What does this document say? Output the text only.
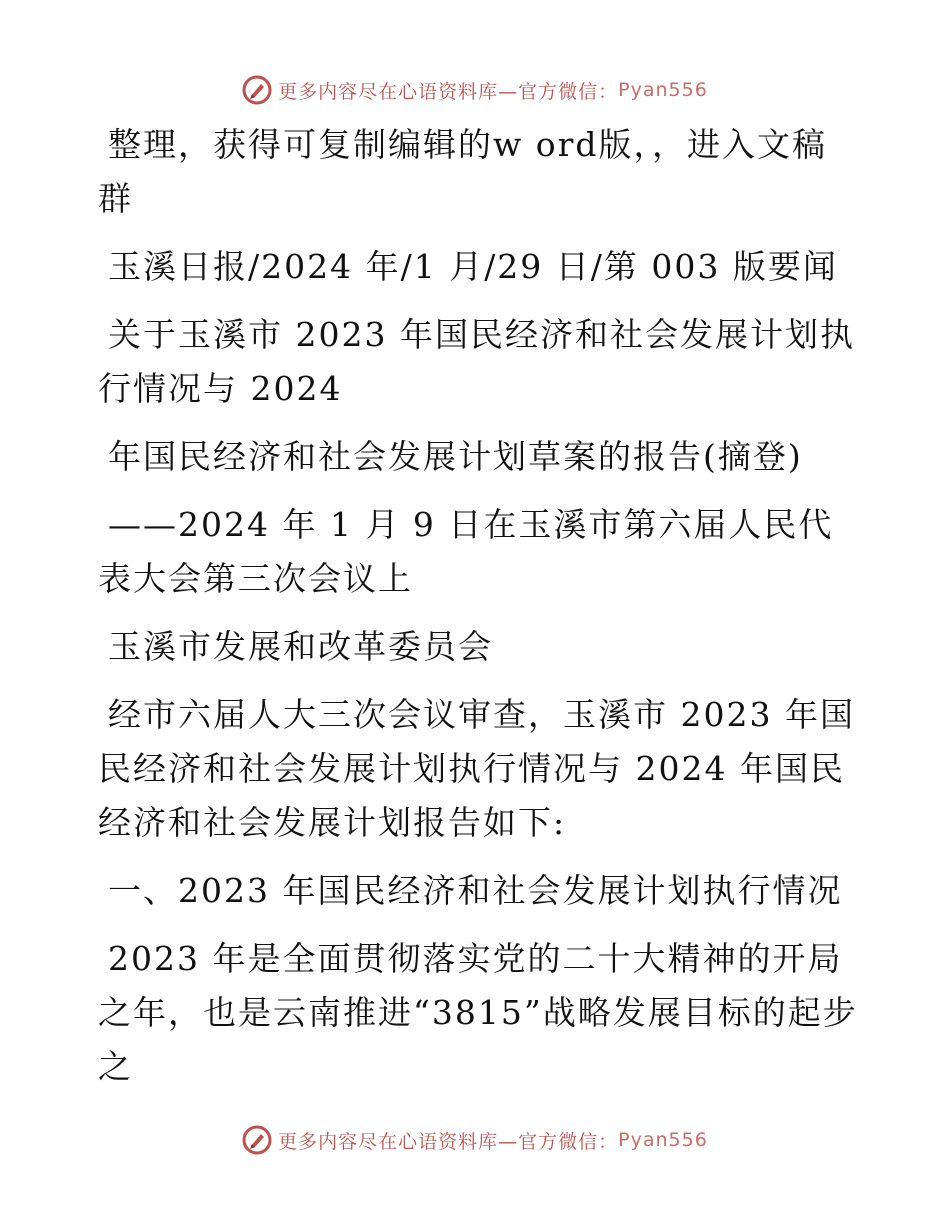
更多内容尽在心语资料库—官方微信： Pyan556

整理，获得可复制编辑的w ord版，，进入文稿群

玉溪日报/2024 年/1 月/29 日/第 003 版要闻

关于玉溪市 2023 年国民经济和社会发展计划执行情况与 2024

年国民经济和社会发展计划草案的报告(摘登)

——2024 年 1 月 9 日在玉溪市第六届人民代表大会第三次会议上

玉溪市发展和改革委员会

经市六届人大三次会议审查，玉溪市 2023 年国民经济和社会发展计划执行情况与 2024 年国民经济和社会发展计划报告如下:

一、2023 年国民经济和社会发展计划执行情况

2023 年是全面贯彻落实党的二十大精神的开局之年，也是云南推进“3815”战略发展目标的起步之

更多内容尽在心语资料库—官方微信： Pyan556
